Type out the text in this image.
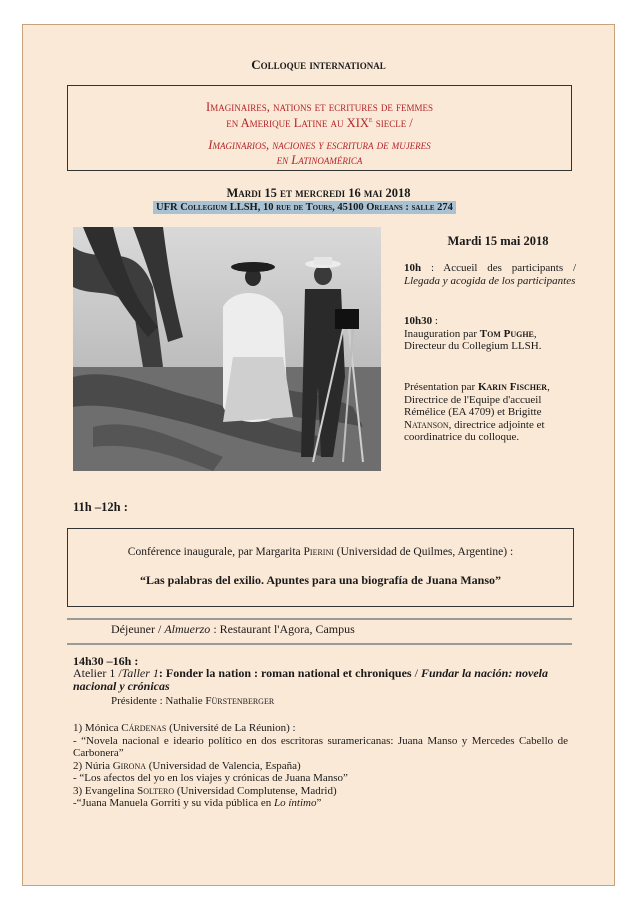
Colloque international
Imaginaires, nations et ecritures de femmes
en Amerique Latine au XIXe siecle /
Imaginarios, naciones y escritura de mujeres
en Latinoamérica
Mardi 15 et mercredi 16 mai 2018
UFR Collegium LLSH, 10 rue de Tours, 45100 Orleans : salle 274
Mardi 15 mai 2018
10h : Accueil des participants / Llegada y acogida de los participantes
10h30 :
Inauguration par Tom Pughe, Directeur du Collegium LLSH.
Présentation par Karin Fischer, Directrice de l'Equipe d'accueil Rémélice (EA 4709) et Brigitte Natanson, directrice adjointe et coordinatrice du colloque.
11h –12h :
Conférence inaugurale, par Margarita Pierini (Universidad de Quilmes, Argentine) :
“Las palabras del exilio. Apuntes para una biografía de Juana Manso”
Déjeuner / Almuerzo : Restaurant l'Agora, Campus
14h30 –16h :
Atelier 1 /Taller 1: Fonder la nation : roman national et chroniques / Fundar la nación: novela nacional y crónicas
Présidente : Nathalie Fürstenberger
1) Mónica Cárdenas (Université de La Réunion) :
- “Novela nacional e ideario político en dos escritoras suramericanas: Juana Manso y Mercedes Cabello de Carbonera”
2) Núria Girona (Universidad de Valencia, España)
- “Los afectos del yo en los viajes y crónicas de Juana Manso”
3) Evangelina Soltero (Universidad Complutense, Madrid)
-“Juana Manuela Gorriti y su vida pública en Lo íntimo”
